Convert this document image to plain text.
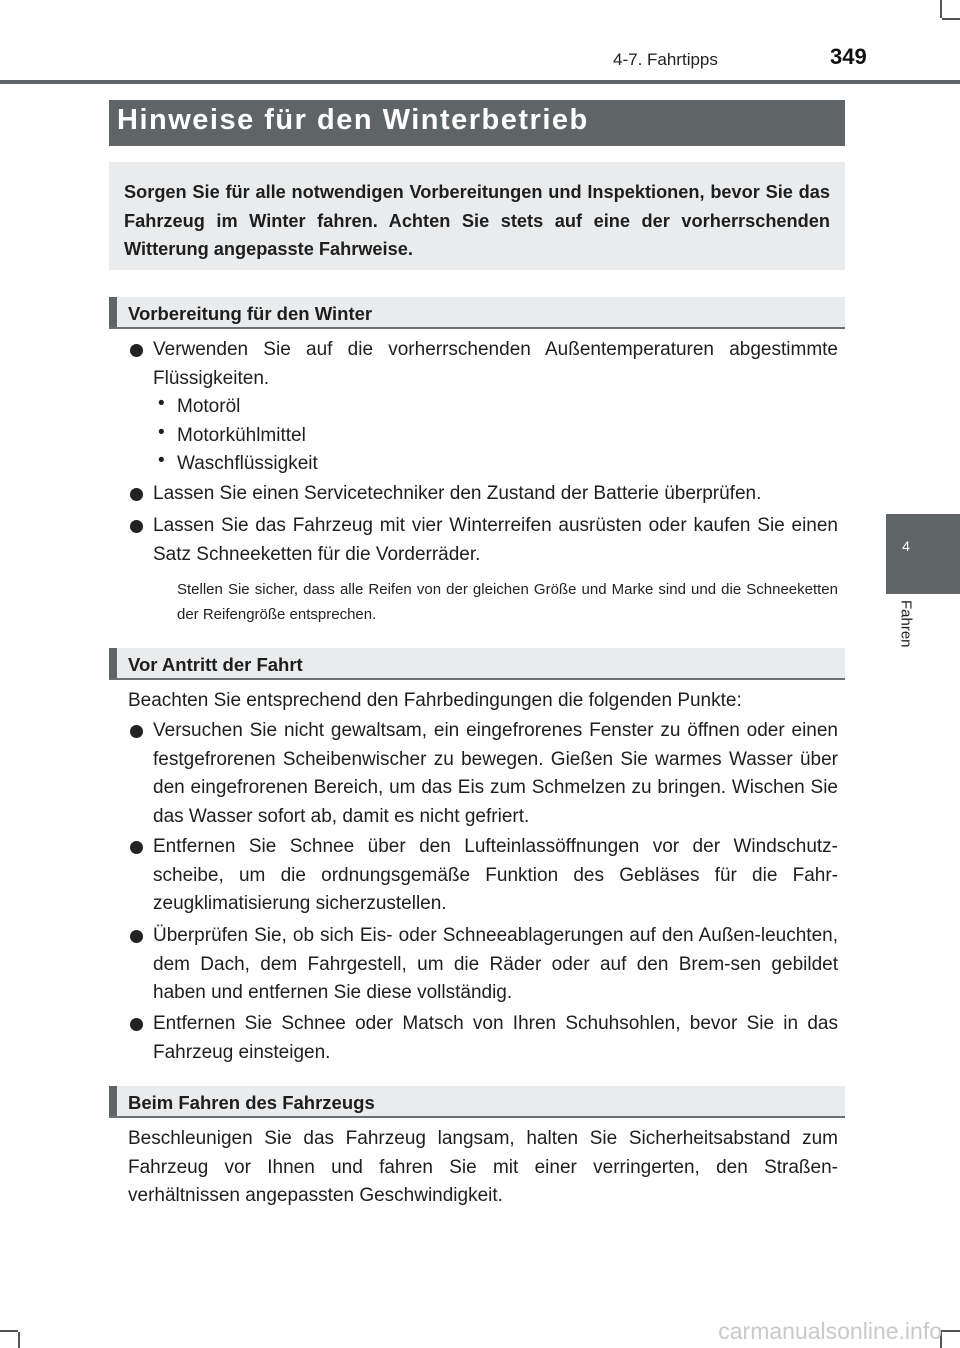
4-7. Fahrtipps	349
4
Fahren
Hinweise für den Winterbetrieb
Sorgen Sie für alle notwendigen Vorbereitungen und Inspektionen, bevor Sie das Fahrzeug im Winter fahren. Achten Sie stets auf eine der vorherrschenden Witterung angepasste Fahrweise.
Vorbereitung für den Winter
Verwenden Sie auf die vorherrschenden Außentemperaturen abgestimmte Flüssigkeiten.
• Motoröl
• Motorkühlmittel
• Waschflüssigkeit
Lassen Sie einen Servicetechniker den Zustand der Batterie überprüfen.
Lassen Sie das Fahrzeug mit vier Winterreifen ausrüsten oder kaufen Sie einen Satz Schneeketten für die Vorderräder.
Stellen Sie sicher, dass alle Reifen von der gleichen Größe und Marke sind und die Schneeketten der Reifengröße entsprechen.
Vor Antritt der Fahrt
Beachten Sie entsprechend den Fahrbedingungen die folgenden Punkte:
Versuchen Sie nicht gewaltsam, ein eingefrorenes Fenster zu öffnen oder einen festgefrorenen Scheibenwischer zu bewegen. Gießen Sie warmes Wasser über den eingefrorenen Bereich, um das Eis zum Schmelzen zu bringen. Wischen Sie das Wasser sofort ab, damit es nicht gefriert.
Entfernen Sie Schnee über den Lufteinlassöffnungen vor der Windschutz-scheibe, um die ordnungsgemäße Funktion des Gebläses für die Fahr-zeugklimatisierung sicherzustellen.
Überprüfen Sie, ob sich Eis- oder Schneeablagerungen auf den Außen-leuchten, dem Dach, dem Fahrgestell, um die Räder oder auf den Brem-sen gebildet haben und entfernen Sie diese vollständig.
Entfernen Sie Schnee oder Matsch von Ihren Schuhsohlen, bevor Sie in das Fahrzeug einsteigen.
Beim Fahren des Fahrzeugs
Beschleunigen Sie das Fahrzeug langsam, halten Sie Sicherheitsabstand zum Fahrzeug vor Ihnen und fahren Sie mit einer verringerten, den Straßen-verhältnissen angepassten Geschwindigkeit.
carmanualsonline.info
